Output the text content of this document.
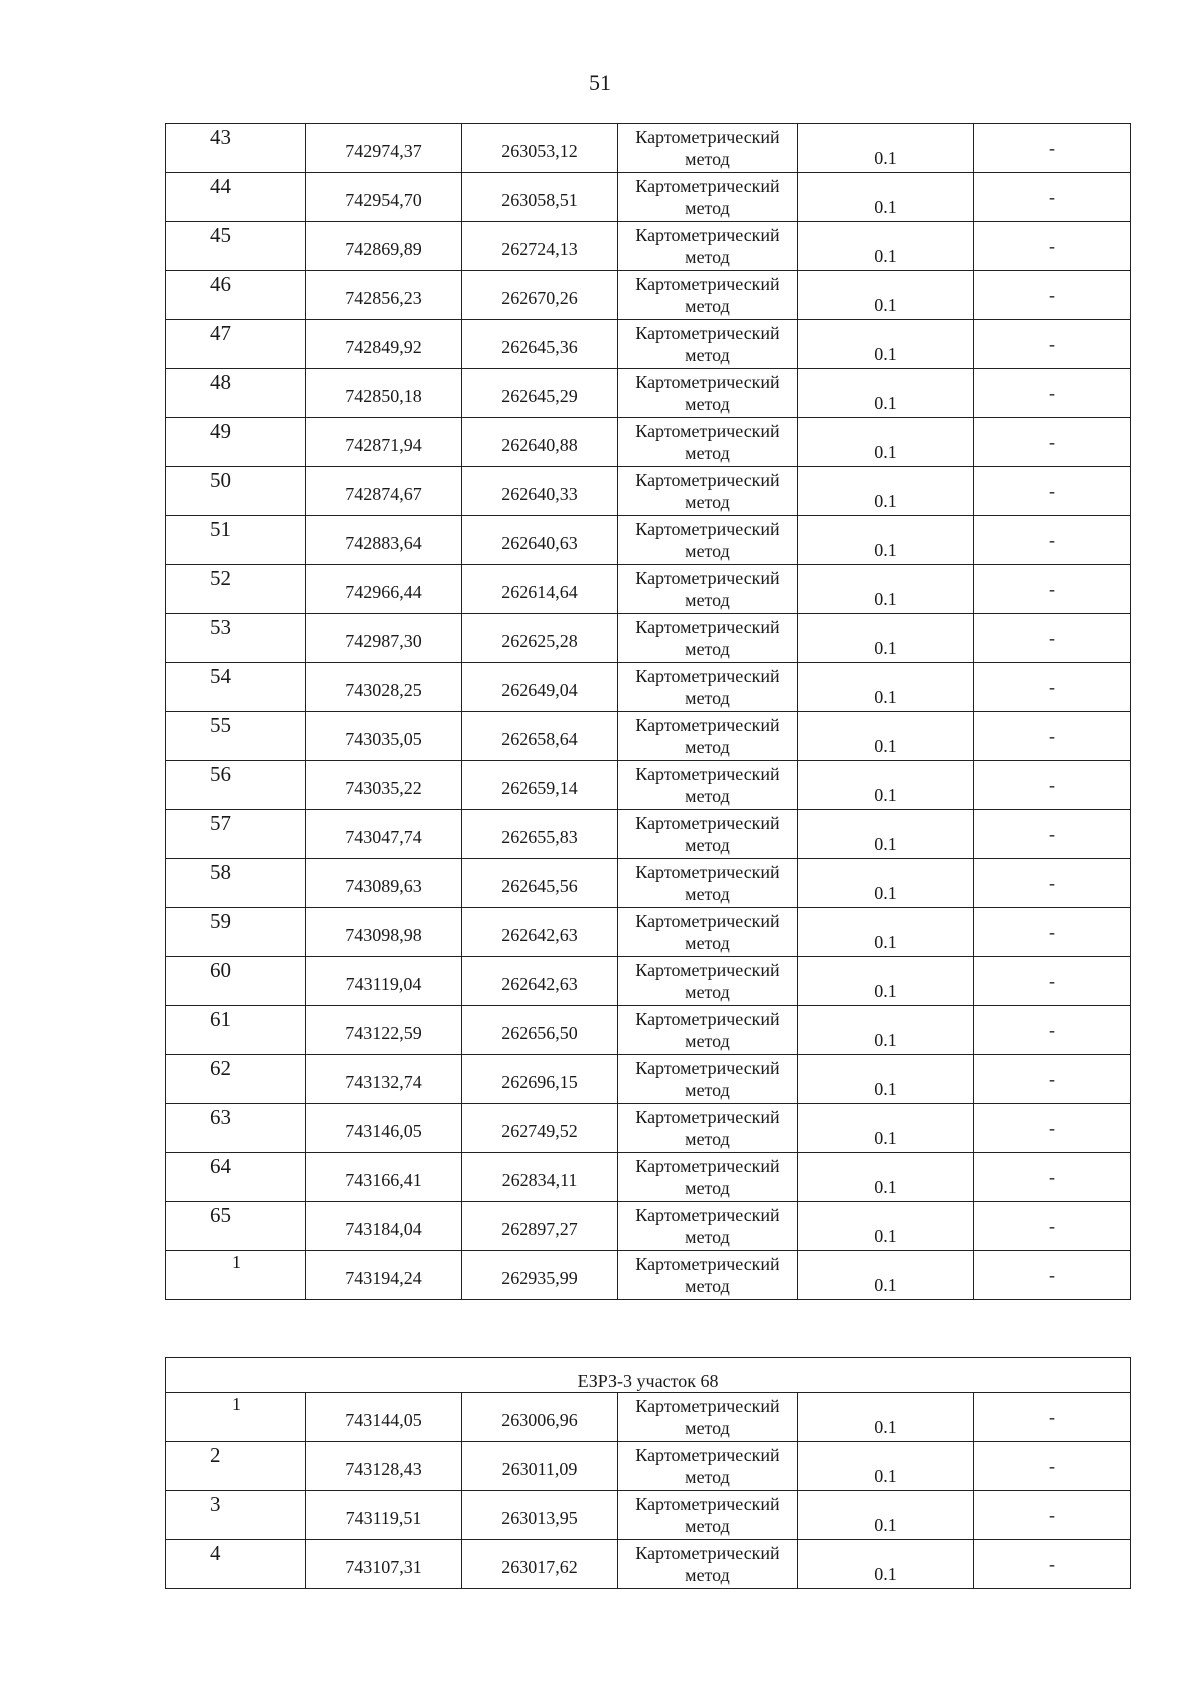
51
43	742974,37	263053,12	Картометрический
метод	0.1	-

44	742954,70	263058,51	Картометрический
метод	0.1	-

45	742869,89	262724,13	Картометрический
метод	0.1	-

46	742856,23	262670,26	Картометрический
метод	0.1	-

47	742849,92	262645,36	Картометрический
метод	0.1	-

48	742850,18	262645,29	Картометрический
метод	0.1	-

49	742871,94	262640,88	Картометрический
метод	0.1	-

50	742874,67	262640,33	Картометрический
метод	0.1	-

51	742883,64	262640,63	Картометрический
метод	0.1	-

52	742966,44	262614,64	Картометрический
метод	0.1	-

53	742987,30	262625,28	Картометрический
метод	0.1	-

54	743028,25	262649,04	Картометрический
метод	0.1	-

55	743035,05	262658,64	Картометрический
метод	0.1	-

56	743035,22	262659,14	Картометрический
метод	0.1	-

57	743047,74	262655,83	Картометрический
метод	0.1	-

58	743089,63	262645,56	Картометрический
метод	0.1	-

59	743098,98	262642,63	Картометрический
метод	0.1	-

60	743119,04	262642,63	Картометрический
метод	0.1	-

61	743122,59	262656,50	Картометрический
метод	0.1	-

62	743132,74	262696,15	Картометрический
метод	0.1	-

63	743146,05	262749,52	Картометрический
метод	0.1	-

64	743166,41	262834,11	Картометрический
метод	0.1	-

65	743184,04	262897,27	Картометрический
метод	0.1	-

1	743194,24	262935,99	Картометрический
метод	0.1	-
ЕЗРЗ-3 участок 68					

1	743144,05	263006,96	Картометрический
метод	0.1	-

2	743128,43	263011,09	Картометрический
метод	0.1	-

3	743119,51	263013,95	Картометрический
метод	0.1	-

4	743107,31	263017,62	Картометрический
метод	0.1	-
